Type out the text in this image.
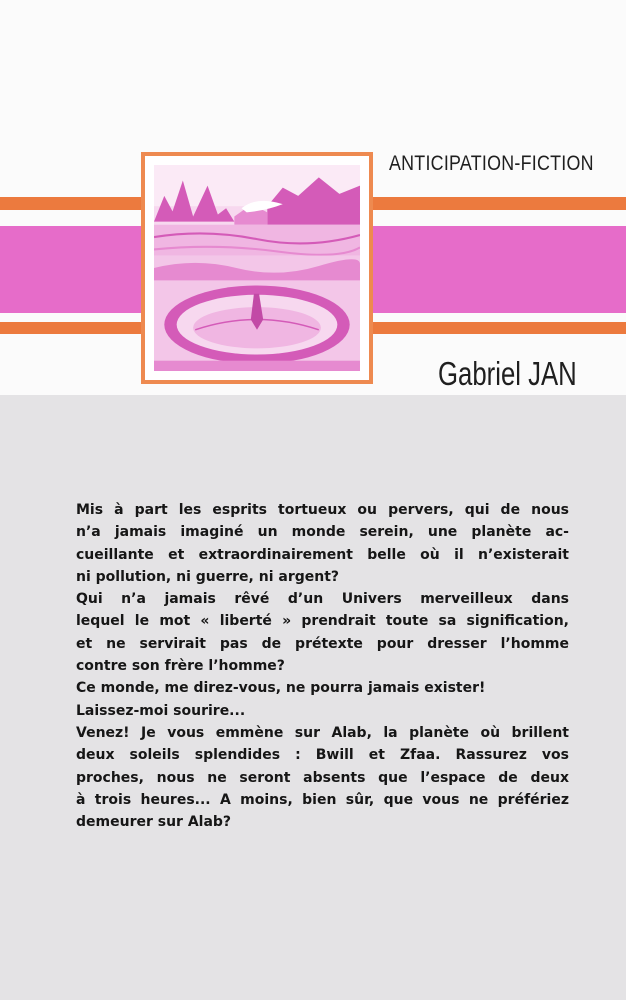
ANTICIPATION-FICTION
Gabriel JAN

Mis à part les esprits tortueux ou pervers, qui de nous

n’a jamais imaginé un monde serein, une planète ac-

cueillante et extraordinairement belle où il n’existerait

ni pollution, ni guerre, ni argent?

Qui n’a jamais rêvé d’un Univers merveilleux dans

lequel le mot « liberté » prendrait toute sa signification,

et ne servirait pas de prétexte pour dresser l’homme

contre son frère l’homme?

Ce monde, me direz-vous, ne pourra jamais exister!

Laissez-moi sourire...

Venez! Je vous emmène sur Alab, la planète où brillent

deux soleils splendides : Bwill et Zfaa. Rassurez vos

proches, nous ne seront absents que l’espace de deux

à trois heures... A moins, bien sûr, que vous ne préfériez

demeurer sur Alab?
